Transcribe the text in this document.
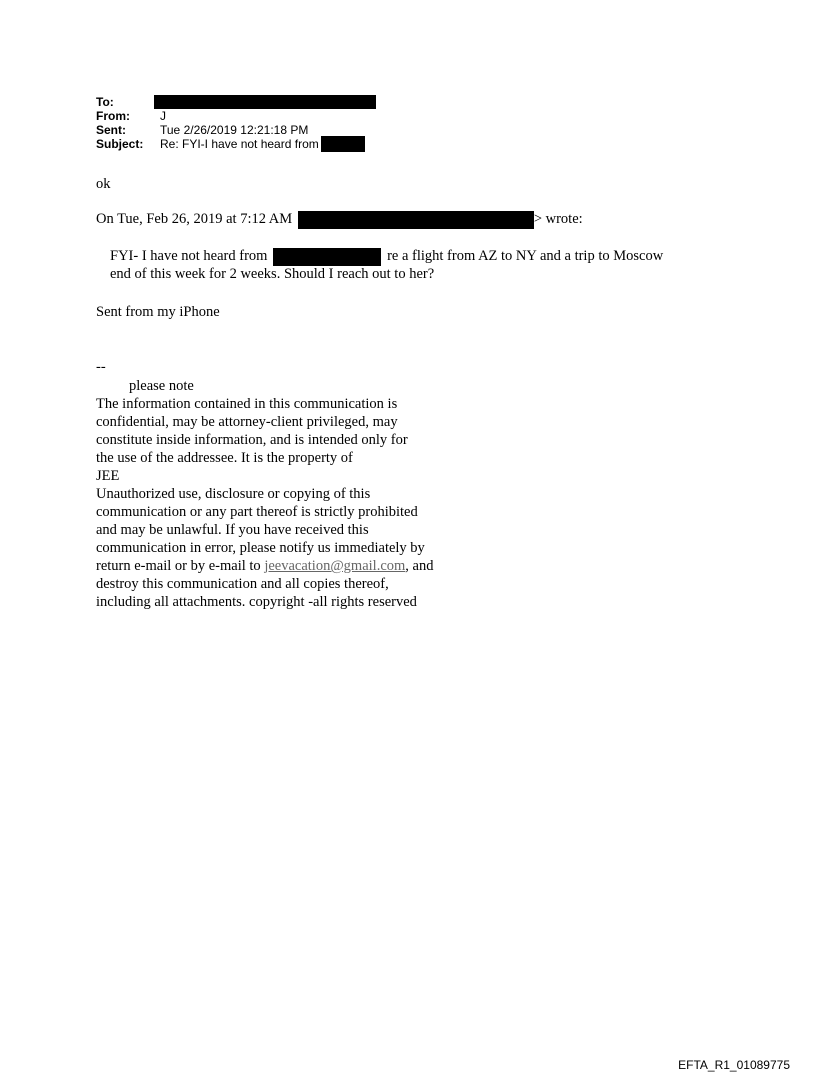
To:
From:	J
Sent:	Tue 2/26/2019 12:21:18 PM
Subject:	Re: FYI-I have not heard from
ok
On Tue, Feb 26, 2019 at 7:12 AM	> wrote:
FYI- I have not heard from	re a flight from AZ to NY and a trip to Moscow
end of this week for 2 weeks. Should I reach out to her?
Sent from my iPhone
--
please note
The information contained in this communication is
confidential, may be attorney-client privileged, may
constitute inside information, and is intended only for
the use of the addressee. It is the property of
JEE
Unauthorized use, disclosure or copying of this
communication or any part thereof is strictly prohibited
and may be unlawful. If you have received this
communication in error, please notify us immediately by
return e-mail or by e-mail to jeevacation@gmail.com, and
destroy this communication and all copies thereof,
including all attachments. copyright -all rights reserved
EFTA_R1_01089775
